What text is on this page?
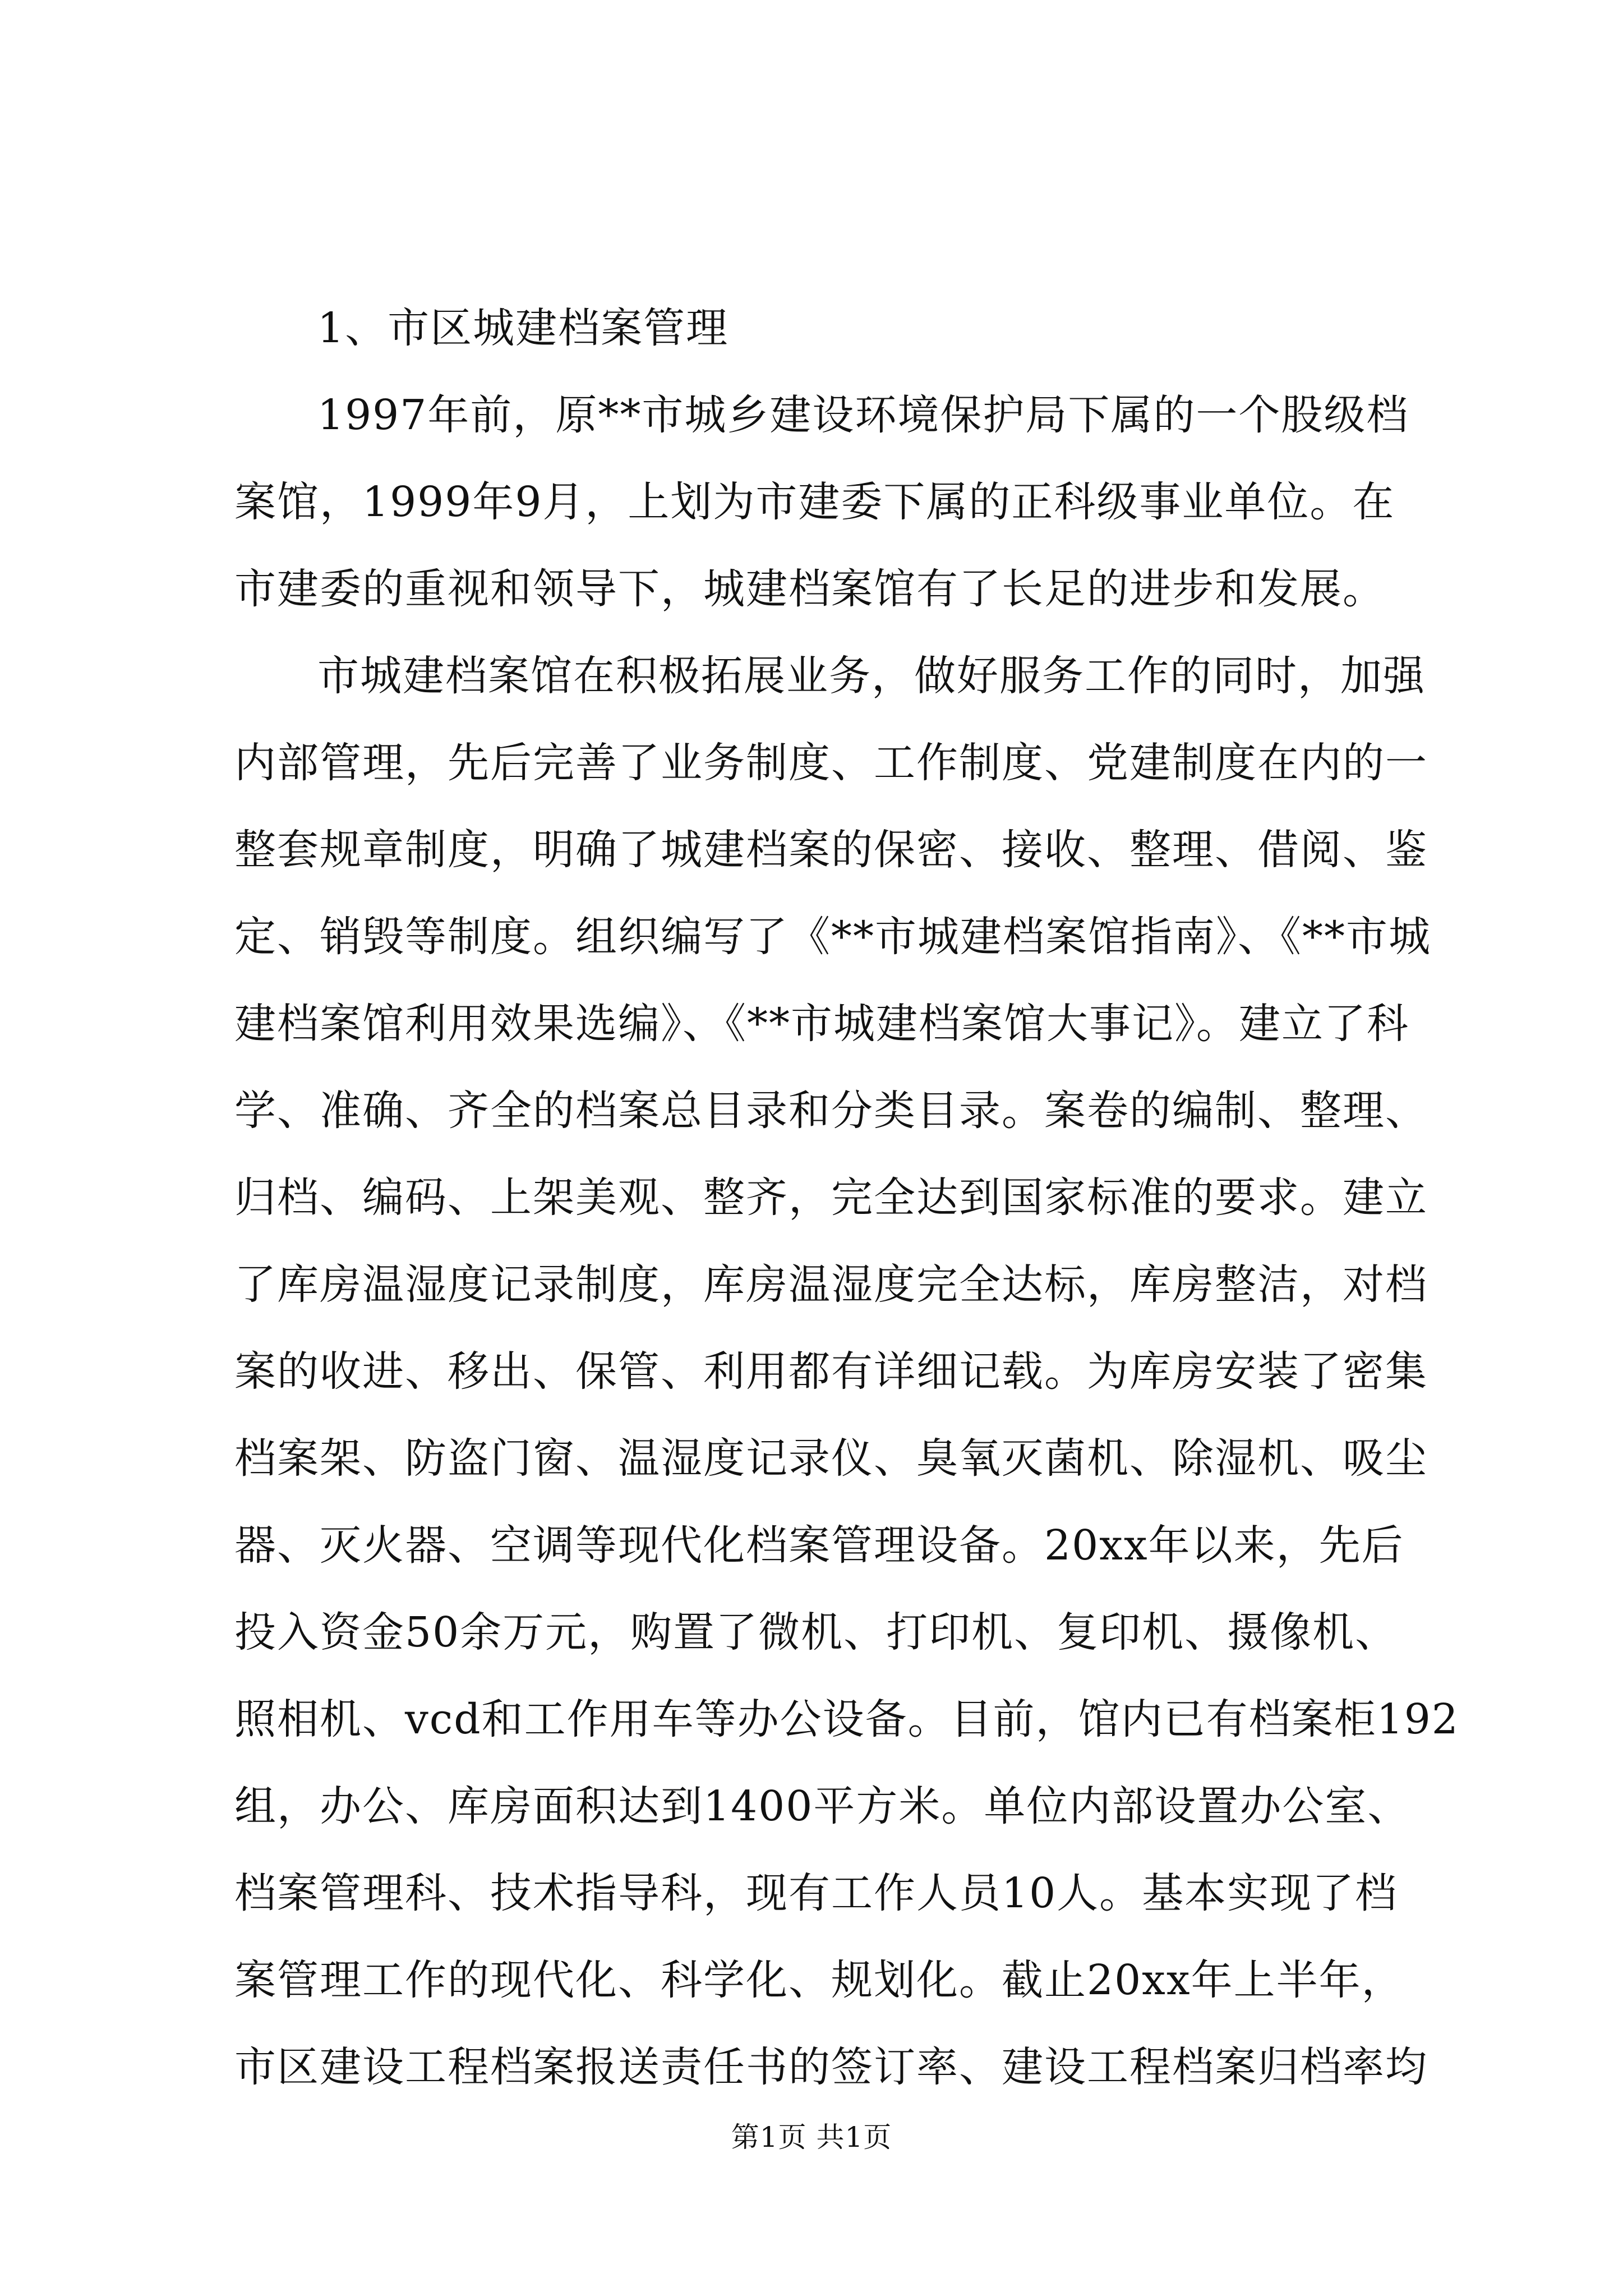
1、市区城建档案管理
1997年前，原**市城乡建设环境保护局下属的一个股级档
案馆，1999年9月，上划为市建委下属的正科级事业单位。在
市建委的重视和领导下，城建档案馆有了长足的进步和发展。
市城建档案馆在积极拓展业务，做好服务工作的同时，加强
内部管理，先后完善了业务制度、工作制度、党建制度在内的一
整套规章制度，明确了城建档案的保密、接收、整理、借阅、鉴
定、销毁等制度。组织编写了《**市城建档案馆指南》、《**市城
建档案馆利用效果选编》、《**市城建档案馆大事记》。建立了科
学、准确、齐全的档案总目录和分类目录。案卷的编制、整理、
归档、编码、上架美观、整齐，完全达到国家标准的要求。建立
了库房温湿度记录制度，库房温湿度完全达标，库房整洁，对档
案的收进、移出、保管、利用都有详细记载。为库房安装了密集
档案架、防盗门窗、温湿度记录仪、臭氧灭菌机、除湿机、吸尘
器、灭火器、空调等现代化档案管理设备。20xx年以来，先后
投入资金50余万元，购置了微机、打印机、复印机、摄像机、
照相机、vcd和工作用车等办公设备。目前，馆内已有档案柜192
组，办公、库房面积达到1400平方米。单位内部设置办公室、
档案管理科、技术指导科，现有工作人员10人。基本实现了档
案管理工作的现代化、科学化、规划化。截止20xx年上半年，
市区建设工程档案报送责任书的签订率、建设工程档案归档率均
第1页 共1页
